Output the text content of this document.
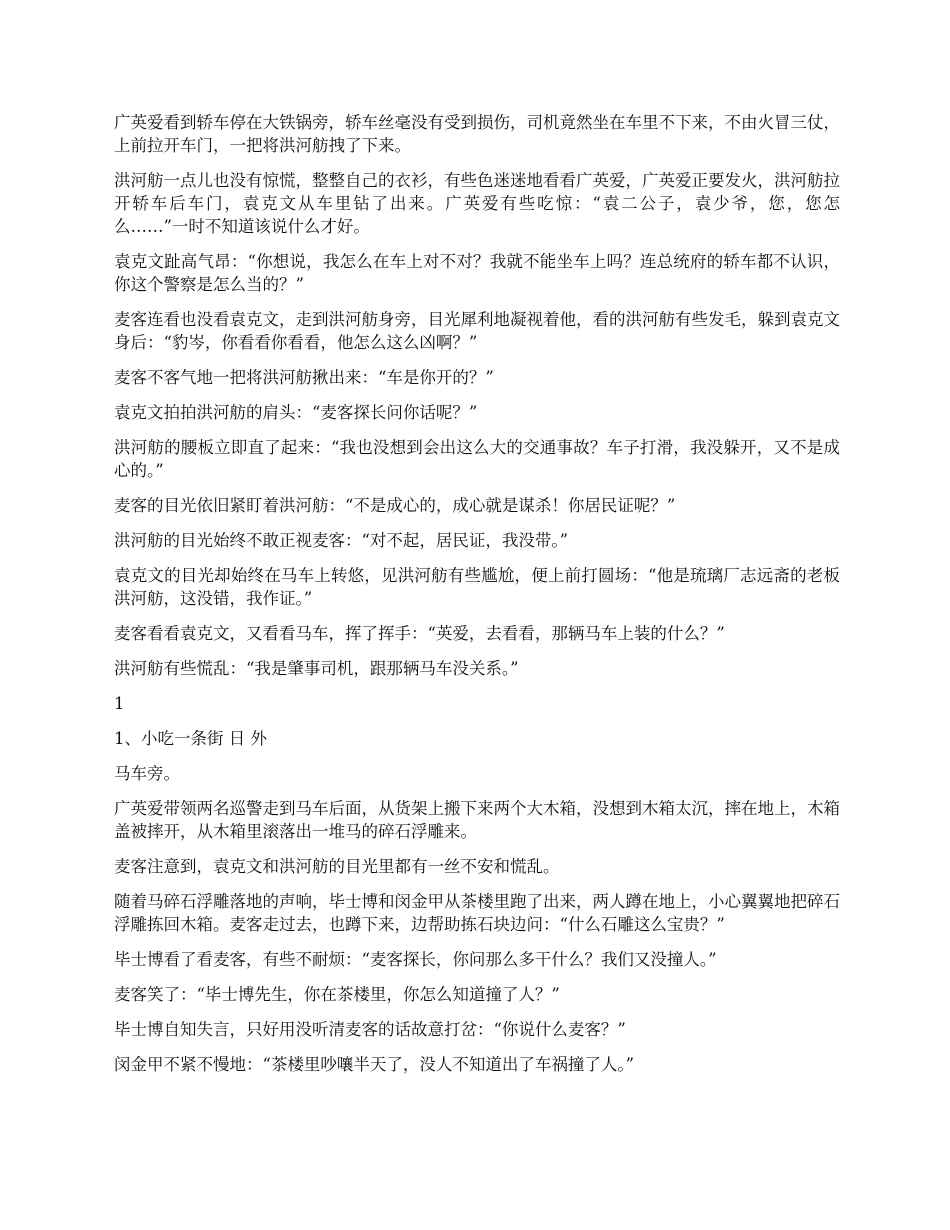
广英爱看到轿车停在大铁锅旁，轿车丝毫没有受到损伤，司机竟然坐在车里不下来，不由火冒三仗，上前拉开车门，一把将洪河舫拽了下来。

洪河舫一点儿也没有惊慌，整整自己的衣衫，有些色迷迷地看看广英爱，广英爱正要发火，洪河舫拉开轿车后车门，袁克文从车里钻了出来。广英爱有些吃惊：“袁二公子，袁少爷，您，您怎么……”一时不知道该说什么才好。

袁克文趾高气昂：“你想说，我怎么在车上对不对？我就不能坐车上吗？连总统府的轿车都不认识，你这个警察是怎么当的？”

麦客连看也没看袁克文，走到洪河舫身旁，目光犀利地凝视着他，看的洪河舫有些发毛，躲到袁克文身后：“豹岑，你看看你看看，他怎么这么凶啊？”

麦客不客气地一把将洪河舫揪出来：“车是你开的？”

袁克文拍拍洪河舫的肩头：“麦客探长问你话呢？”

洪河舫的腰板立即直了起来：“我也没想到会出这么大的交通事故？车子打滑，我没躲开，又不是成心的。”

麦客的目光依旧紧盯着洪河舫：“不是成心的，成心就是谋杀！你居民证呢？”

洪河舫的目光始终不敢正视麦客：“对不起，居民证，我没带。”

袁克文的目光却始终在马车上转悠，见洪河舫有些尴尬，便上前打圆场：“他是琉璃厂志远斋的老板洪河舫，这没错，我作证。”

麦客看看袁克文，又看看马车，挥了挥手：“英爱，去看看，那辆马车上装的什么？”

洪河舫有些慌乱：“我是肇事司机，跟那辆马车没关系。”

1

1、小吃一条街 日 外

马车旁。

广英爱带领两名巡警走到马车后面，从货架上搬下来两个大木箱，没想到木箱太沉，摔在地上，木箱盖被摔开，从木箱里滚落出一堆马的碎石浮雕来。

麦客注意到，袁克文和洪河舫的目光里都有一丝不安和慌乱。

随着马碎石浮雕落地的声响，毕士博和闵金甲从茶楼里跑了出来，两人蹲在地上，小心翼翼地把碎石浮雕拣回木箱。麦客走过去，也蹲下来，边帮助拣石块边问：“什么石雕这么宝贵？”

毕士博看了看麦客，有些不耐烦：“麦客探长，你问那么多干什么？我们又没撞人。”

麦客笑了：“毕士博先生，你在茶楼里，你怎么知道撞了人？”

毕士博自知失言，只好用没听清麦客的话故意打岔：“你说什么麦客？”

闵金甲不紧不慢地：“茶楼里吵嚷半天了，没人不知道出了车祸撞了人。”
